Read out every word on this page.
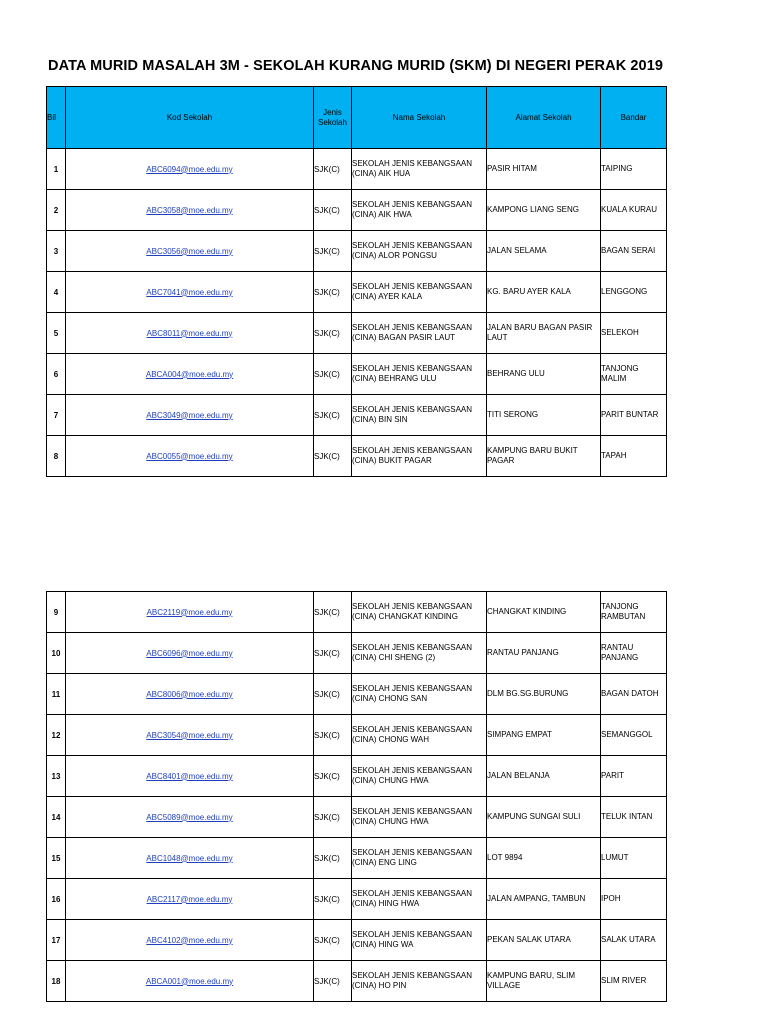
DATA MURID MASALAH 3M - SEKOLAH KURANG MURID (SKM) DI NEGERI PERAK 2019
Bil	Kod Sekolah	Jenis
Sekolah	Nama Sekolah	Alamat Sekolah	Bandar
1	ABC6094@moe.edu.my	SJK(C)	SEKOLAH JENIS KEBANGSAAN
(CINA) AIK HUA	PASIR HITAM	TAIPING

2	ABC3058@moe.edu.my	SJK(C)	SEKOLAH JENIS KEBANGSAAN
(CINA) AIK HWA	KAMPONG LIANG SENG	KUALA KURAU

3	ABC3056@moe.edu.my	SJK(C)	SEKOLAH JENIS KEBANGSAAN
(CINA) ALOR PONGSU	JALAN SELAMA	BAGAN SERAI

4	ABC7041@moe.edu.my	SJK(C)	SEKOLAH JENIS KEBANGSAAN
(CINA) AYER KALA	KG. BARU AYER KALA	LENGGONG

5	ABC8011@moe.edu.my	SJK(C)	SEKOLAH JENIS KEBANGSAAN
(CINA) BAGAN PASIR LAUT	JALAN BARU BAGAN PASIR
LAUT	SELEKOH

6	ABCA004@moe.edu.my	SJK(C)	SEKOLAH JENIS KEBANGSAAN
(CINA) BEHRANG ULU	BEHRANG ULU	TANJONG
MALIM
7	ABC3049@moe.edu.my	SJK(C)	SEKOLAH JENIS KEBANGSAAN
(CINA) BIN SIN	TITI SERONG	PARIT BUNTAR

8	ABC0055@moe.edu.my	SJK(C)	SEKOLAH JENIS KEBANGSAAN
(CINA) BUKIT PAGAR	KAMPUNG BARU BUKIT
PAGAR	TAPAH

9	ABC2119@moe.edu.my	SJK(C)	SEKOLAH JENIS KEBANGSAAN
(CINA) CHANGKAT KINDING	CHANGKAT KINDING	TANJONG
RAMBUTAN
10	ABC6096@moe.edu.my	SJK(C)	SEKOLAH JENIS KEBANGSAAN
(CINA) CHI SHENG (2)	RANTAU PANJANG	RANTAU
PANJANG
11	ABC8006@moe.edu.my	SJK(C)	SEKOLAH JENIS KEBANGSAAN
(CINA) CHONG SAN	DLM BG.SG.BURUNG	BAGAN DATOH

12	ABC3054@moe.edu.my	SJK(C)	SEKOLAH JENIS KEBANGSAAN
(CINA) CHONG WAH	SIMPANG EMPAT	SEMANGGOL

13	ABC8401@moe.edu.my	SJK(C)	SEKOLAH JENIS KEBANGSAAN
(CINA) CHUNG HWA	JALAN BELANJA	PARIT

14	ABC5089@moe.edu.my	SJK(C)	SEKOLAH JENIS KEBANGSAAN
(CINA) CHUNG HWA	KAMPUNG SUNGAI SULI	TELUK INTAN

15	ABC1048@moe.edu.my	SJK(C)	SEKOLAH JENIS KEBANGSAAN
(CINA) ENG LING	LOT 9894	LUMUT

16	ABC2117@moe.edu.my	SJK(C)	SEKOLAH JENIS KEBANGSAAN
(CINA) HING HWA	JALAN AMPANG, TAMBUN	IPOH

17	ABC4102@moe.edu.my	SJK(C)	SEKOLAH JENIS KEBANGSAAN
(CINA) HING WA	PEKAN SALAK UTARA	SALAK UTARA

18	ABCA001@moe.edu.my	SJK(C)	SEKOLAH JENIS KEBANGSAAN
(CINA) HO PIN	KAMPUNG BARU, SLIM
VILLAGE	SLIM RIVER
